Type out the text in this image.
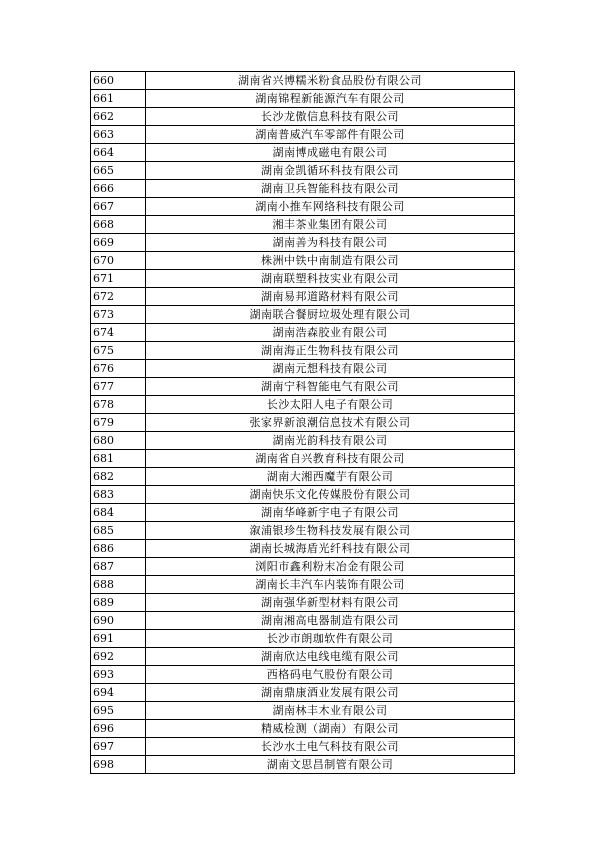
660	湖南省兴博糯米粉食品股份有限公司
661	湖南锦程新能源汽车有限公司
662	长沙龙傲信息科技有限公司
663	湖南普威汽车零部件有限公司
664	湖南博成磁电有限公司
665	湖南金凯循环科技有限公司
666	湖南卫兵智能科技有限公司
667	湖南小推车网络科技有限公司
668	湘丰茶业集团有限公司
669	湖南善为科技有限公司
670	株洲中铁中南制造有限公司
671	湖南联塑科技实业有限公司
672	湖南易邦道路材料有限公司
673	湖南联合餐厨垃圾处理有限公司
674	湖南浩森胶业有限公司
675	湖南海正生物科技有限公司
676	湖南元想科技有限公司
677	湖南宁科智能电气有限公司
678	长沙太阳人电子有限公司
679	张家界新浪潮信息技术有限公司
680	湖南光韵科技有限公司
681	湖南省自兴教育科技有限公司
682	湖南大湘西魔芋有限公司
683	湖南快乐文化传媒股份有限公司
684	湖南华峰新宇电子有限公司
685	溆浦银珍生物科技发展有限公司
686	湖南长城海盾光纤科技有限公司
687	浏阳市鑫利粉末冶金有限公司
688	湖南长丰汽车内装饰有限公司
689	湖南强华新型材料有限公司
690	湖南湘高电器制造有限公司
691	长沙市朗珈软件有限公司
692	湖南欣达电线电缆有限公司
693	西格码电气股份有限公司
694	湖南鼎康酒业发展有限公司
695	湖南林丰木业有限公司
696	精威检测（湖南）有限公司
697	长沙水土电气科技有限公司
698	湖南文思昌制管有限公司
